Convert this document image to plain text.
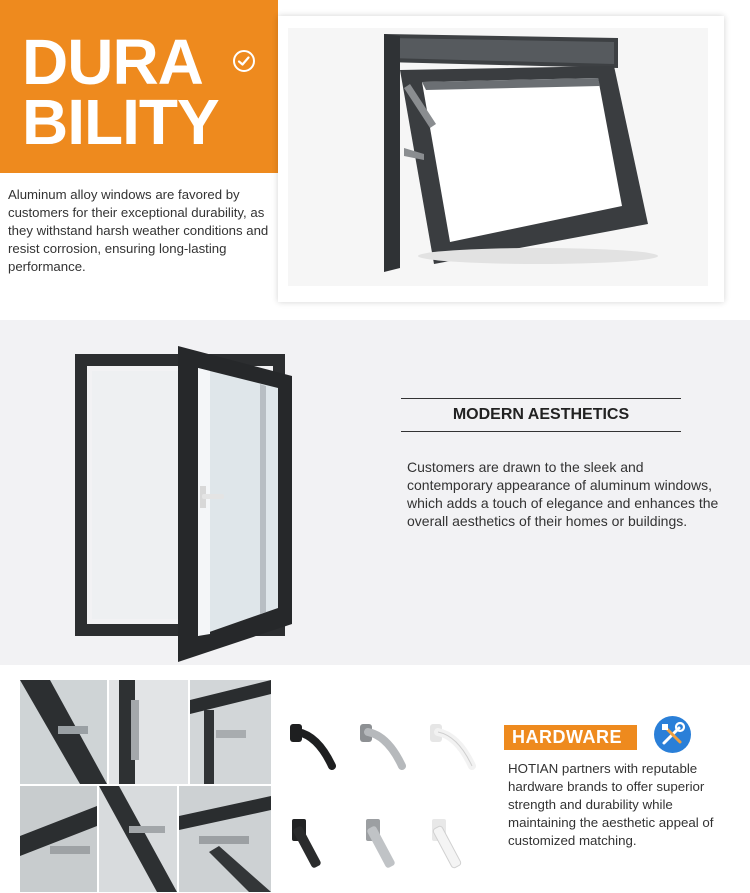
DURA
BILITY
Aluminum alloy windows are favored by customers for their exceptional durability, as they withstand harsh weather conditions and resist corrosion, ensuring long-lasting performance.
MODERN AESTHETICS
Customers are drawn to the sleek and contemporary appearance of aluminum windows, which adds a touch of elegance and enhances the overall aesthetics of their homes or buildings.
HARDWARE
HOTIAN partners with reputable hardware brands to offer superior strength and durability while maintaining the aesthetic appeal of customized matching.
